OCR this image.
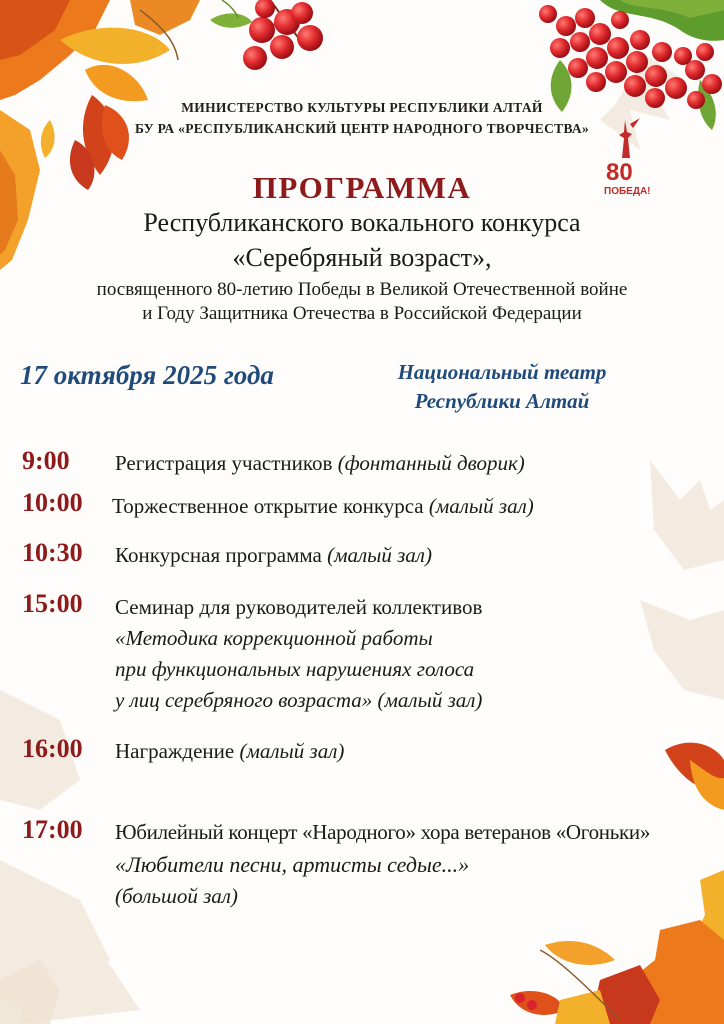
80
ПОБЕДА!
МИНИСТЕРСТВО КУЛЬТУРЫ РЕСПУБЛИКИ АЛТАЙ
БУ РА «РЕСПУБЛИКАНСКИЙ ЦЕНТР НАРОДНОГО ТВОРЧЕСТВА»
ПРОГРАММА
Республиканского вокального конкурса
«Серебряный возраст»,
посвященного 80-летию Победы в Великой Отечественной войне
и Году Защитника Отечества в Российской Федерации
17 октября 2025 года	Национальный театр
Республики Алтай
9:00 Регистрация участников (фонтанный дворик)
10:00 Торжественное открытие конкурса (малый зал)
10:30 Конкурсная программа (малый зал)
15:00 Семинар для руководителей коллективов
«Методика коррекционной работы
при функциональных нарушениях голоса
у лиц серебряного возраста» (малый зал)
16:00 Награждение (малый зал)
17:00 Юбилейный концерт «Народного» хора ветеранов «Огоньки»
«Любители песни, артисты седые...»
(большой зал)
